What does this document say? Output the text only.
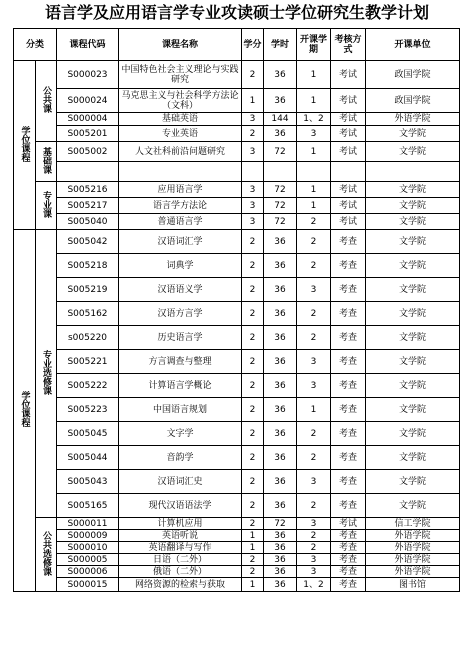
语言学及应用语言学专业攻读硕士学位研究生教学计划
分类		课程代码	课程名称	学分	学时	开课学期	考核方式	开课单位
学位课程	公共课	S000023	中国特色社会主义理论与实践研究	2	36	1	考试	政国学院
		S000024	马克思主义与社会科学方法论（文科）	1	36	1	考试	政国学院
		S000004	基础英语	3	144	1、2	考试	外语学院
		S005201	专业英语	2	36	3	考试	文学院
	基础课	S005002	人文社科前沿问题研究	3	72	1	考试	文学院

	专业课	S005216	应用语言学	3	72	1	考试	文学院
		S005217	语言学方法论	3	72	1	考试	文学院
		S005040	普通语言学	3	72	2	考试	文学院
学位课程	专业选修课	S005042	汉语词汇学	2	36	2	考查	文学院
		S005218	词典学	2	36	2	考查	文学院
		S005219	汉语语义学	2	36	3	考查	文学院
		S005162	汉语方言学	2	36	2	考查	文学院
		s005220	历史语言学	2	36	2	考查	文学院
		S005221	方言调查与整理	2	36	3	考查	文学院
		S005222	计算语言学概论	2	36	3	考查	文学院
		S005223	中国语言规划	2	36	1	考查	文学院
		S005045	文字学	2	36	2	考查	文学院
		S005044	音韵学	2	36	2	考查	文学院
		S005043	汉语词汇史	2	36	3	考查	文学院
		S005165	现代汉语语法学	2	36	2	考查	文学院
	公共选修课	S000011	计算机应用	2	72	3	考试	信工学院
		S000009	英语听说	1	36	2	考查	外语学院
		S000010	英语翻译与写作	1	36	2	考查	外语学院
		S000005	日语（二外）	2	36	3	考查	外语学院
		S000006	俄语（二外）	2	36	3	考查	外语学院
		S000015	网络资源的检索与获取	1	36	1、2	考查	图书馆
